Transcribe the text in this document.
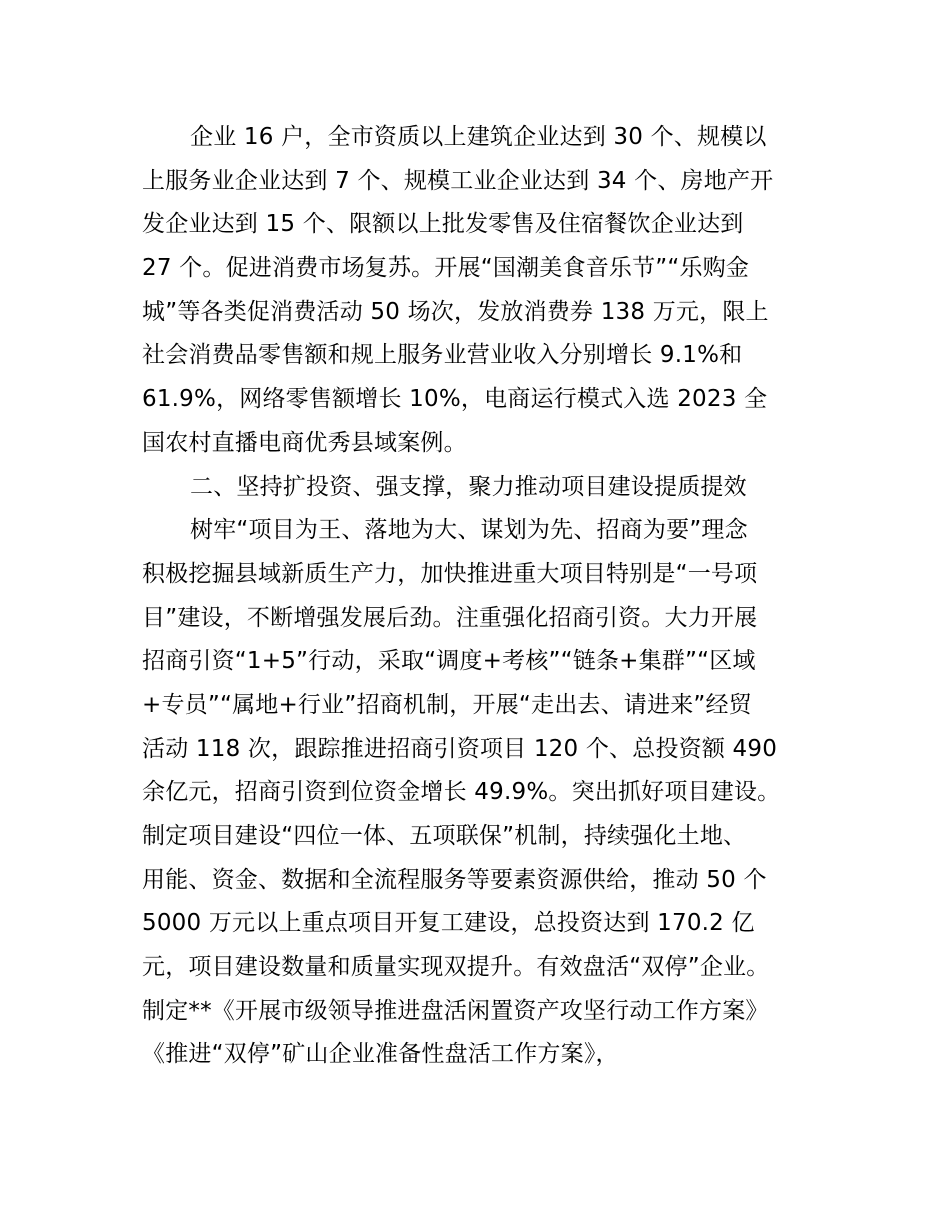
企业 16 户，全市资质以上建筑企业达到 30 个、规模以
上服务业企业达到 7 个、规模工业企业达到 34 个、房地产开
发企业达到 15 个、限额以上批发零售及住宿餐饮企业达到
27 个。促进消费市场复苏。开展“国潮美食音乐节”“乐购金
城”等各类促消费活动 50 场次，发放消费券 138 万元，限上
社会消费品零售额和规上服务业营业收入分别增长 9.1%和
61.9%，网络零售额增长 10%，电商运行模式入选 2023 全
国农村直播电商优秀县域案例。
二、坚持扩投资、强支撑，聚力推动项目建设提质提效
树牢“项目为王、落地为大、谋划为先、招商为要”理念
积极挖掘县域新质生产力，加快推进重大项目特别是“一号项
目”建设，不断增强发展后劲。注重强化招商引资。大力开展
招商引资“1+5”行动，采取“调度+考核”“链条+集群”“区域
+专员”“属地+行业”招商机制，开展“走出去、请进来”经贸
活动 118 次，跟踪推进招商引资项目 120 个、总投资额 490
余亿元，招商引资到位资金增长 49.9%。突出抓好项目建设。
制定项目建设“四位一体、五项联保”机制，持续强化土地、
用能、资金、数据和全流程服务等要素资源供给，推动 50 个
5000 万元以上重点项目开复工建设，总投资达到 170.2 亿
元，项目建设数量和质量实现双提升。有效盘活“双停”企业。
制定**《开展市级领导推进盘活闲置资产攻坚行动工作方案》
《推进“双停”矿山企业准备性盘活工作方案》，
